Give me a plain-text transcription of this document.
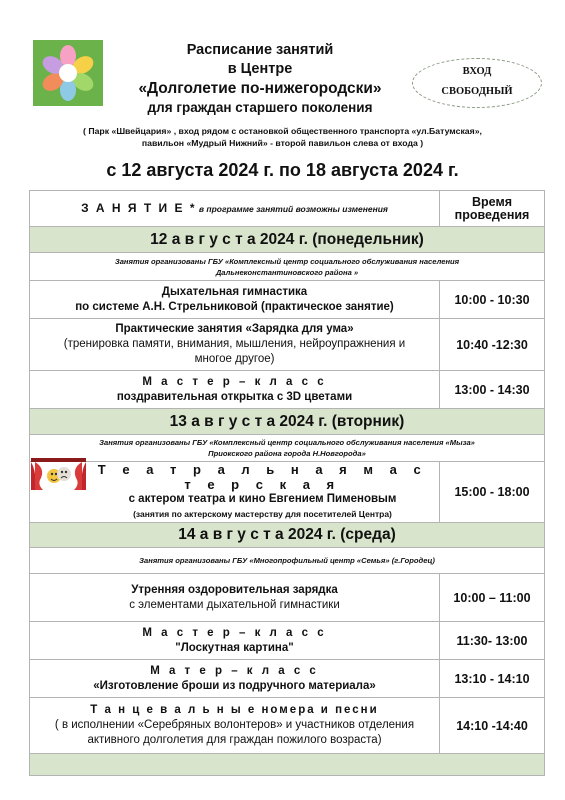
Расписание занятий
в Центре
«Долголетие по-нижегородски»
для граждан старшего поколения
ВХОД
СВОБОДНЫЙ
( Парк «Швейцария» , вход рядом с остановкой общественного транспорта «ул.Батумская»,
павильон «Мудрый Нижний» - второй павильон слева от входа )
с 12 августа 2024 г. по 18 августа 2024 г.
З А Н Я Т И Е * в программе занятий возможны изменения	Время
проведения

12 а в г у с т а 2024 г. (понедельник)	

Занятия организованы ГБУ «Комплексный центр социального обслуживания населения
Дальнеконстантиновского района »	

Дыхательная гимнастика
по системе А.Н. Стрельниковой (практическое занятие)	10:00 - 10:30

Практические занятия «Зарядка для ума»
(тренировка памяти, внимания, мышления, нейроупражнения и
многое другое)	10:40 -12:30

М а с т е р – к л а с с
поздравительная открытка с 3D цветами	13:00 - 14:30
13 а в г у с т а 2024 г. (вторник)	

Занятия организованы ГБУ «Комплексный центр социального обслуживания населения «Мыза»
Приокского района города Н.Новгорода»	

Т е а т р а л ь н а я м а с т е р с к а я
с актером театра и кино Евгением Пименовым
(занятия по актерскому мастерству для посетителей Центра)	15:00 - 18:00
14 а в г у с т а 2024 г. (среда)	

Занятия организованы ГБУ «Многопрофильный центр «Семья» (г.Городец)	

Утренняя оздоровительная зарядка
с элементами дыхательной гимнастики	10:00 – 11:00

М а с т е р – к л а с с
"Лоскутная картина"	11:30- 13:00

М а т е р – к л а с с
«Изготовление броши из подручного материала»	13:10 - 14:10

Т а н ц е в а л ь н ы е номера и песни
( в исполнении «Серебряных волонтеров» и участников отделения
активного долголетия для граждан пожилого возраста)	14:10 -14:40
